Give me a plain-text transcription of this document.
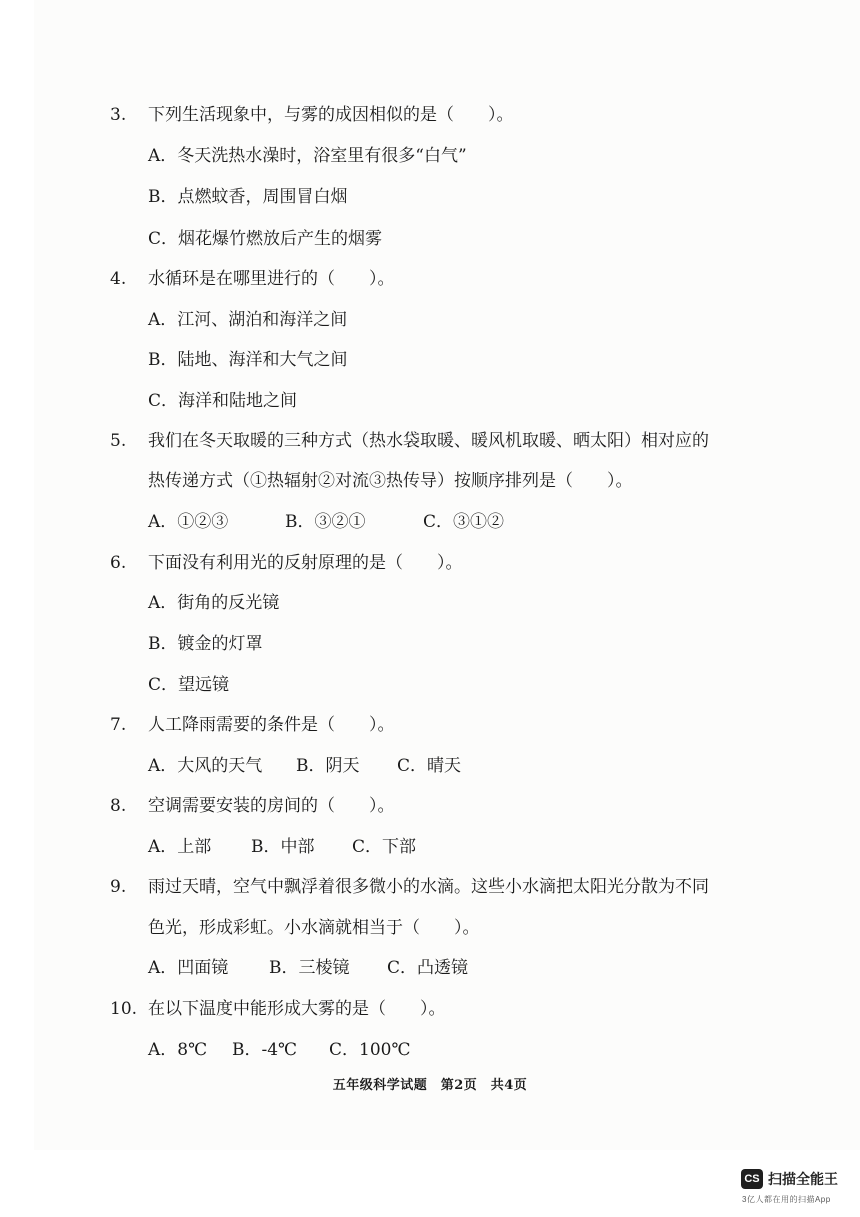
3. 下列生活现象中，与雾的成因相似的是（　　）。
A．冬天洗热水澡时，浴室里有很多“白气”
B．点燃蚊香，周围冒白烟
C．烟花爆竹燃放后产生的烟雾
4. 水循环是在哪里进行的（　　）。
A．江河、湖泊和海洋之间
B．陆地、海洋和大气之间
C．海洋和陆地之间
5. 我们在冬天取暖的三种方式（热水袋取暖、暖风机取暖、晒太阳）相对应的
热传递方式（①热辐射②对流③热传导）按顺序排列是（　　）。
A．①②③	B．③②①	C．③①②
6. 下面没有利用光的反射原理的是（　　）。
A．街角的反光镜
B．镀金的灯罩
C．望远镜
7. 人工降雨需要的条件是（　　）。
A．大风的天气 B．阴天 C．晴天
8. 空调需要安装的房间的（　　）。
A．上部 B．中部 C．下部
9. 雨过天晴，空气中飘浮着很多微小的水滴。这些小水滴把太阳光分散为不同
色光，形成彩虹。小水滴就相当于（　　）。
A．凹面镜 B．三棱镜 C．凸透镜
10. 在以下温度中能形成大雾的是（　　）。
A．8℃ B．-4℃ C．100℃
五年级科学试题　第2页　共4页
CS 扫描全能王
3亿人都在用的扫描App
